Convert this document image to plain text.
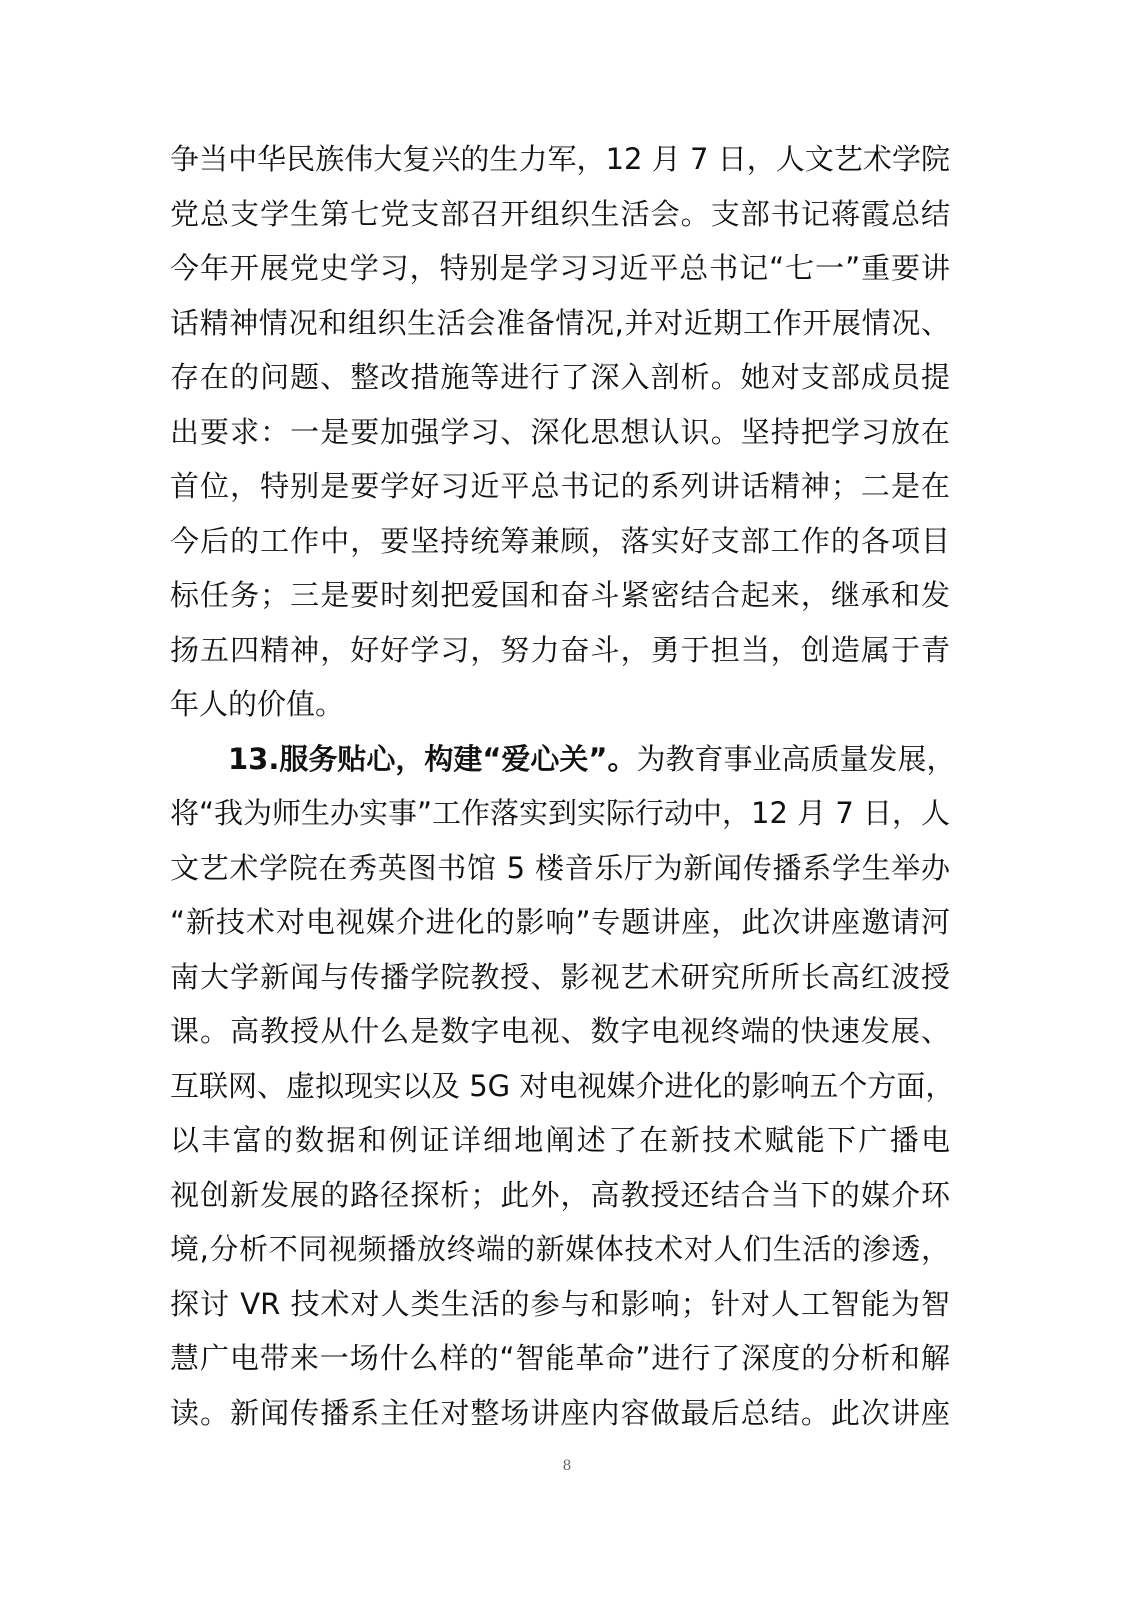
争当中华民族伟大复兴的生力军，12 月 7 日，人文艺术学院
党总支学生第七党支部召开组织生活会。支部书记蒋霞总结
今年开展党史学习，特别是学习习近平总书记“七一”重要讲
话精神情况和组织生活会准备情况,并对近期工作开展情况、
存在的问题、整改措施等进行了深入剖析。她对支部成员提
出要求：一是要加强学习、深化思想认识。坚持把学习放在
首位，特别是要学好习近平总书记的系列讲话精神；二是在
今后的工作中，要坚持统筹兼顾，落实好支部工作的各项目
标任务；三是要时刻把爱国和奋斗紧密结合起来，继承和发
扬五四精神，好好学习，努力奋斗，勇于担当，创造属于青
年人的价值。
13.服务贴心，构建“爱心关”。为教育事业高质量发展，
将“我为师生办实事”工作落实到实际行动中，12 月 7 日，人
文艺术学院在秀英图书馆 5 楼音乐厅为新闻传播系学生举办
“新技术对电视媒介进化的影响”专题讲座，此次讲座邀请河
南大学新闻与传播学院教授、影视艺术研究所所长高红波授
课。高教授从什么是数字电视、数字电视终端的快速发展、
互联网、虚拟现实以及 5G 对电视媒介进化的影响五个方面，
以丰富的数据和例证详细地阐述了在新技术赋能下广播电
视创新发展的路径探析；此外，高教授还结合当下的媒介环
境,分析不同视频播放终端的新媒体技术对人们生活的渗透，
探讨 VR 技术对人类生活的参与和影响；针对人工智能为智
慧广电带来一场什么样的“智能革命”进行了深度的分析和解
读。新闻传播系主任对整场讲座内容做最后总结。此次讲座
8
